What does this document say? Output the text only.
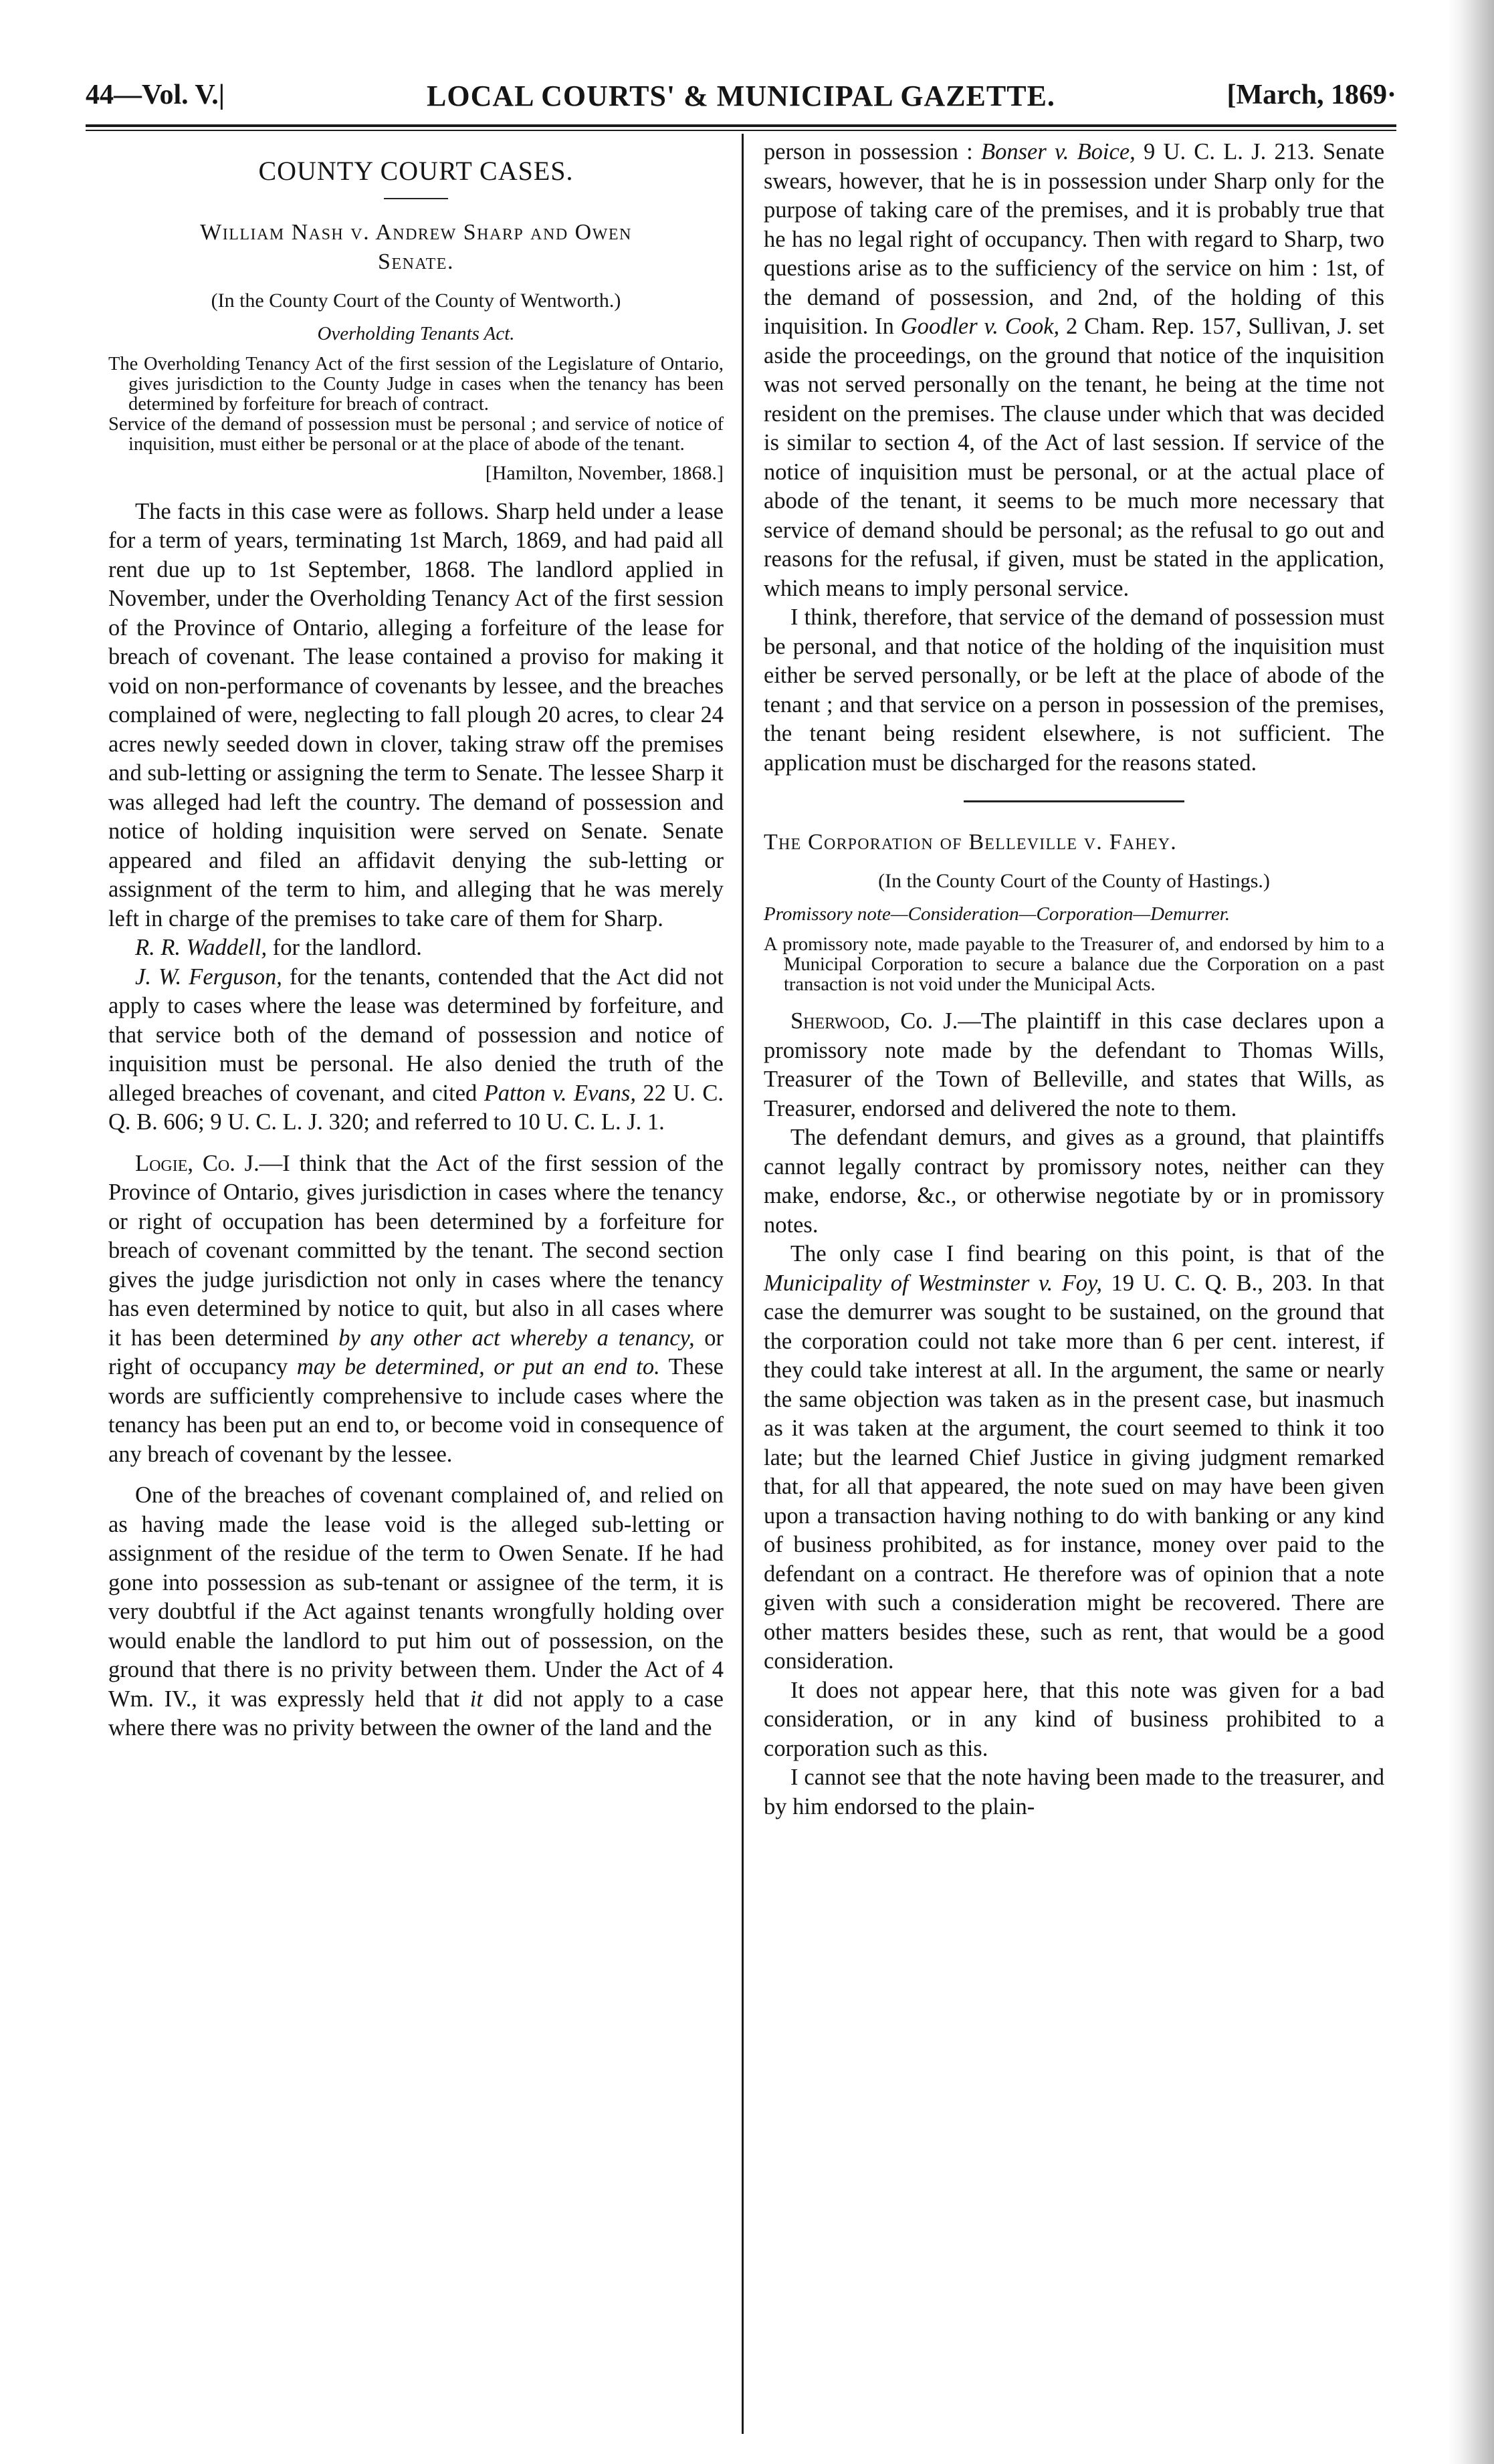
44—Vol. V.|	LOCAL COURTS' & MUNICIPAL GAZETTE.	[March, 1869·
COUNTY COURT CASES.
William Nash v. Andrew Sharp and Owen
Senate.
(In the County Court of the County of Wentworth.)
Overholding Tenants Act.
The Overholding Tenancy Act of the first session of the Legislature of Ontario, gives jurisdiction to the County Judge in cases when the tenancy has been determined by forfeiture for breach of contract.
Service of the demand of possession must be personal ; and service of notice of inquisition, must either be personal or at the place of abode of the tenant.
[Hamilton, November, 1868.]

The facts in this case were as follows. Sharp held under a lease for a term of years, terminating 1st March, 1869, and had paid all rent due up to 1st September, 1868. The landlord applied in November, under the Overholding Tenancy Act of the first session of the Province of Ontario, alleging a forfeiture of the lease for breach of covenant. The lease contained a proviso for making it void on non-performance of covenants by lessee, and the breaches complained of were, neglecting to fall plough 20 acres, to clear 24 acres newly seeded down in clover, taking straw off the premises and sub-letting or assigning the term to Senate. The lessee Sharp it was alleged had left the country. The demand of possession and notice of holding inquisition were served on Senate. Senate appeared and filed an affidavit denying the sub-letting or assignment of the term to him, and alleging that he was merely left in charge of the premises to take care of them for Sharp.

R. R. Waddell, for the landlord.

J. W. Ferguson, for the tenants, contended that the Act did not apply to cases where the lease was determined by forfeiture, and that service both of the demand of possession and notice of inquisition must be personal. He also denied the truth of the alleged breaches of covenant, and cited Patton v. Evans, 22 U. C. Q. B. 606; 9 U. C. L. J. 320; and referred to 10 U. C. L. J. 1.

Logie, Co. J.—I think that the Act of the first session of the Province of Ontario, gives jurisdiction in cases where the tenancy or right of occupation has been determined by a forfeiture for breach of covenant committed by the tenant. The second section gives the judge jurisdiction not only in cases where the tenancy has even determined by notice to quit, but also in all cases where it has been determined by any other act whereby a tenancy, or right of occupancy may be determined, or put an end to. These words are sufficiently comprehensive to include cases where the tenancy has been put an end to, or become void in consequence of any breach of covenant by the lessee.

One of the breaches of covenant complained of, and relied on as having made the lease void is the alleged sub-letting or assignment of the residue of the term to Owen Senate. If he had gone into possession as sub-tenant or assignee of the term, it is very doubtful if the Act against tenants wrongfully holding over would enable the landlord to put him out of possession, on the ground that there is no privity between them. Under the Act of 4 Wm. IV., it was expressly held that it did not apply to a case where there was no privity between the owner of the land and the

person in possession : Bonser v. Boice, 9 U. C. L. J. 213. Senate swears, however, that he is in possession under Sharp only for the purpose of taking care of the premises, and it is probably true that he has no legal right of occupancy. Then with regard to Sharp, two questions arise as to the sufficiency of the service on him : 1st, of the demand of possession, and 2nd, of the holding of this inquisition. In Goodler v. Cook, 2 Cham. Rep. 157, Sullivan, J. set aside the proceedings, on the ground that notice of the inquisition was not served personally on the tenant, he being at the time not resident on the premises. The clause under which that was decided is similar to section 4, of the Act of last session. If service of the notice of inquisition must be personal, or at the actual place of abode of the tenant, it seems to be much more necessary that service of demand should be personal; as the refusal to go out and reasons for the refusal, if given, must be stated in the application, which means to imply personal service.

I think, therefore, that service of the demand of possession must be personal, and that notice of the holding of the inquisition must either be served personally, or be left at the place of abode of the tenant ; and that service on a person in possession of the premises, the tenant being resident elsewhere, is not sufficient. The application must be discharged for the reasons stated.

The Corporation of Belleville v. Fahey.
(In the County Court of the County of Hastings.)
Promissory note—Consideration—Corporation—Demurrer.
A promissory note, made payable to the Treasurer of, and endorsed by him to a Municipal Corporation to secure a balance due the Corporation on a past transaction is not void under the Municipal Acts.

Sherwood, Co. J.—The plaintiff in this case declares upon a promissory note made by the defendant to Thomas Wills, Treasurer of the Town of Belleville, and states that Wills, as Treasurer, endorsed and delivered the note to them.

The defendant demurs, and gives as a ground, that plaintiffs cannot legally contract by promissory notes, neither can they make, endorse, &c., or otherwise negotiate by or in promissory notes.

The only case I find bearing on this point, is that of the Municipality of Westminster v. Foy, 19 U. C. Q. B., 203. In that case the demurrer was sought to be sustained, on the ground that the corporation could not take more than 6 per cent. interest, if they could take interest at all. In the argument, the same or nearly the same objection was taken as in the present case, but inasmuch as it was taken at the argument, the court seemed to think it too late; but the learned Chief Justice in giving judgment remarked that, for all that appeared, the note sued on may have been given upon a transaction having nothing to do with banking or any kind of business prohibited, as for instance, money over paid to the defendant on a contract. He therefore was of opinion that a note given with such a consideration might be recovered. There are other matters besides these, such as rent, that would be a good consideration.

It does not appear here, that this note was given for a bad consideration, or in any kind of business prohibited to a corporation such as this.

I cannot see that the note having been made to the treasurer, and by him endorsed to the plain-
